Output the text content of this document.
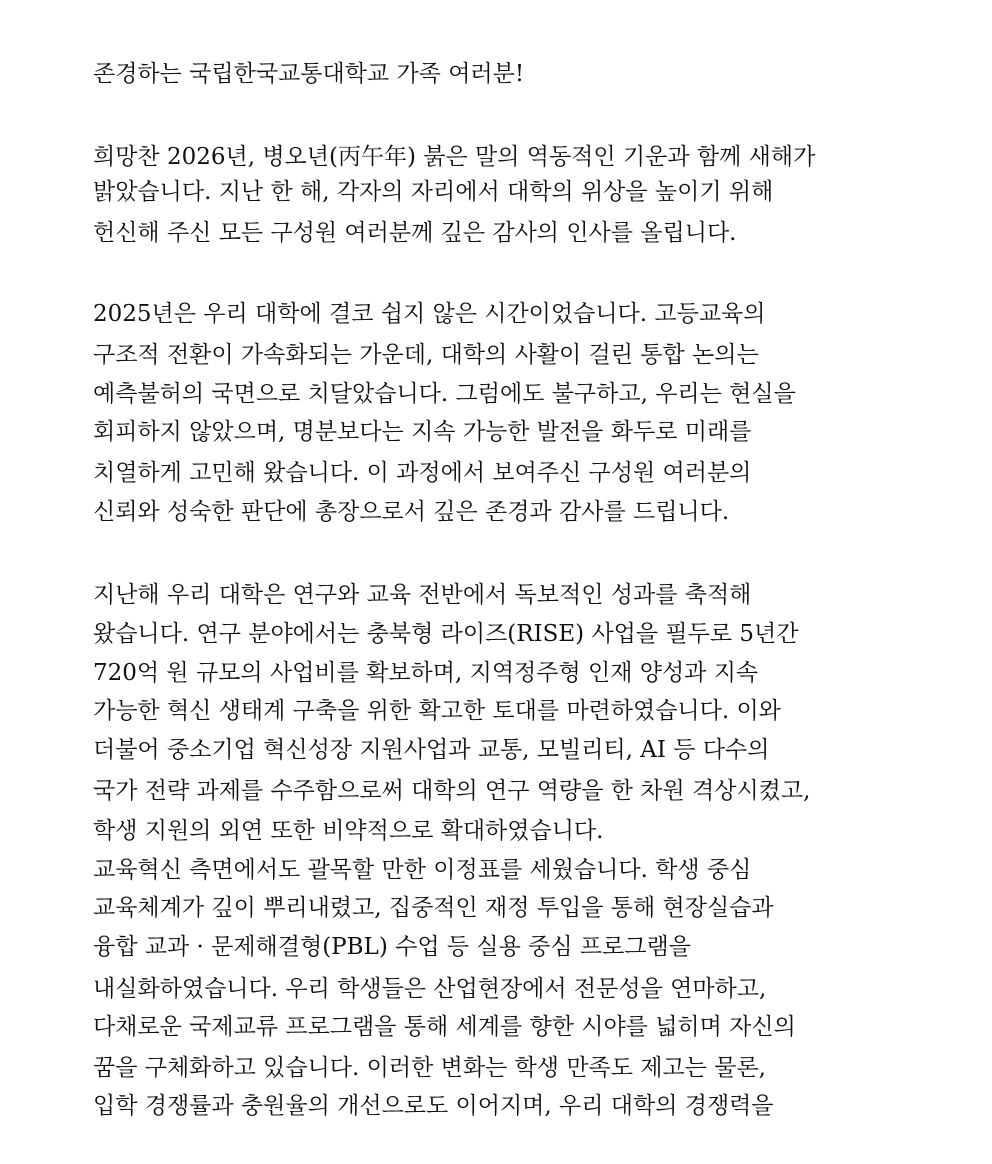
존경하는 국립한국교통대학교 가족 여러분!
희망찬 2026년, 병오년(丙午年) 붉은 말의 역동적인 기운과 함께 새해가
밝았습니다. 지난 한 해, 각자의 자리에서 대학의 위상을 높이기 위해
헌신해 주신 모든 구성원 여러분께 깊은 감사의 인사를 올립니다.
2025년은 우리 대학에 결코 쉽지 않은 시간이었습니다. 고등교육의
구조적 전환이 가속화되는 가운데, 대학의 사활이 걸린 통합 논의는
예측불허의 국면으로 치달았습니다. 그럼에도 불구하고, 우리는 현실을
회피하지 않았으며, 명분보다는 지속 가능한 발전을 화두로 미래를
치열하게 고민해 왔습니다. 이 과정에서 보여주신 구성원 여러분의
신뢰와 성숙한 판단에 총장으로서 깊은 존경과 감사를 드립니다.
지난해 우리 대학은 연구와 교육 전반에서 독보적인 성과를 축적해
왔습니다. 연구 분야에서는 충북형 라이즈(RISE) 사업을 필두로 5년간
720억 원 규모의 사업비를 확보하며, 지역정주형 인재 양성과 지속
가능한 혁신 생태계 구축을 위한 확고한 토대를 마련하였습니다. 이와
더불어 중소기업 혁신성장 지원사업과 교통, 모빌리티, AI 등 다수의
국가 전략 과제를 수주함으로써 대학의 연구 역량을 한 차원 격상시켰고,
학생 지원의 외연 또한 비약적으로 확대하였습니다.
교육혁신 측면에서도 괄목할 만한 이정표를 세웠습니다. 학생 중심
교육체계가 깊이 뿌리내렸고, 집중적인 재정 투입을 통해 현장실습과
융합 교과 · 문제해결형(PBL) 수업 등 실용 중심 프로그램을
내실화하였습니다. 우리 학생들은 산업현장에서 전문성을 연마하고,
다채로운 국제교류 프로그램을 통해 세계를 향한 시야를 넓히며 자신의
꿈을 구체화하고 있습니다. 이러한 변화는 학생 만족도 제고는 물론,
입학 경쟁률과 충원율의 개선으로도 이어지며, 우리 대학의 경쟁력을
